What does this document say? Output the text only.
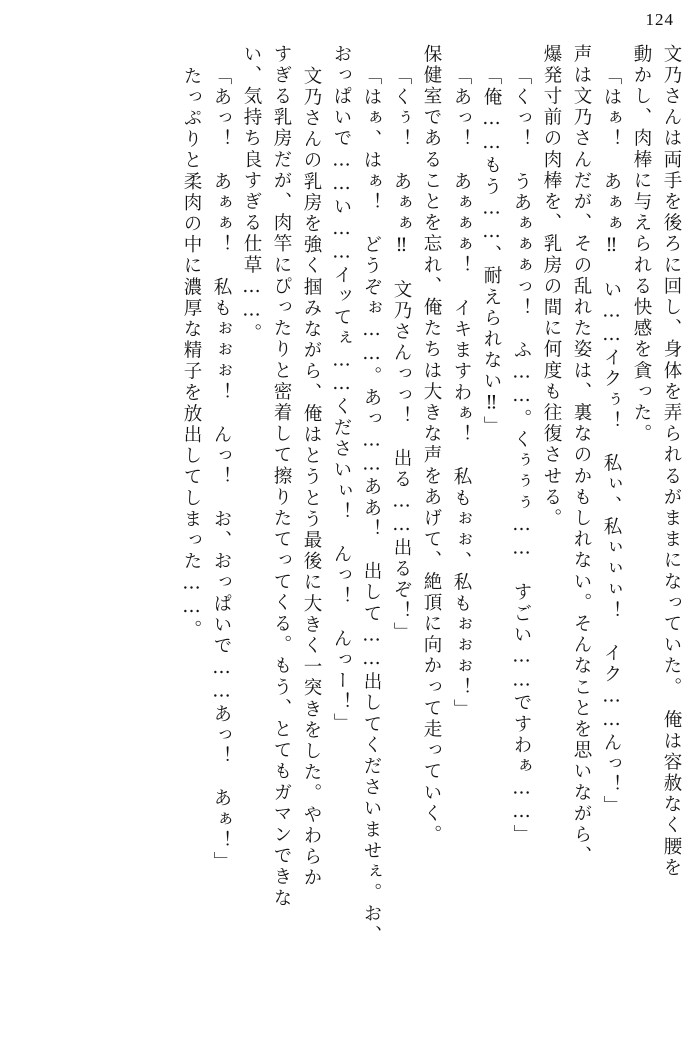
124
文乃さんは両手を後ろに回し、身体を弄られるがままになっていた。　俺は容赦なく腰を
動かし、肉棒に与えられる快感を貪った。
「はぁ！　あぁぁ‼　い……イクぅ！　私ぃ、私ぃぃぃ！　イク……んっ！」
声は文乃さんだが、その乱れた姿は、裏なのかもしれない。そんなことを思いながら、
爆発寸前の肉棒を、乳房の間に何度も往復させる。
「くっ！　うあぁぁぁっ！　ふ……。くぅぅぅ……　すごい……ですわぁ……」
「俺……もう……、耐えられない‼」
「あっ！　あぁぁぁ！　イキますわぁ！　私もぉぉ、私もぉぉぉ！」
保健室であることを忘れ、俺たちは大きな声をあげて、絶頂に向かって走っていく。
「くぅ！　あぁぁ‼　文乃さんっっ！　出る……出るぞ！」
「はぁ、はぁ！　どうぞぉ……。あっ……ああ！　出して……出してくださいませぇ。お、
おっぱいで……い……イッてぇ……くださいぃ！　んっ！　んっー！」
文乃さんの乳房を強く掴みながら、俺はとうとう最後に大きく一突きをした。やわらか
すぎる乳房だが、肉竿にぴったりと密着して擦りたてってくる。もう、とてもガマンできな
い、気持ち良すぎる仕草……。
「あっ！　あぁぁ！　私もぉぉぉ！　んっ！　お、おっぱいで……あっ！　あぁ！」
たっぷりと柔肉の中に濃厚な精子を放出してしまった……。
